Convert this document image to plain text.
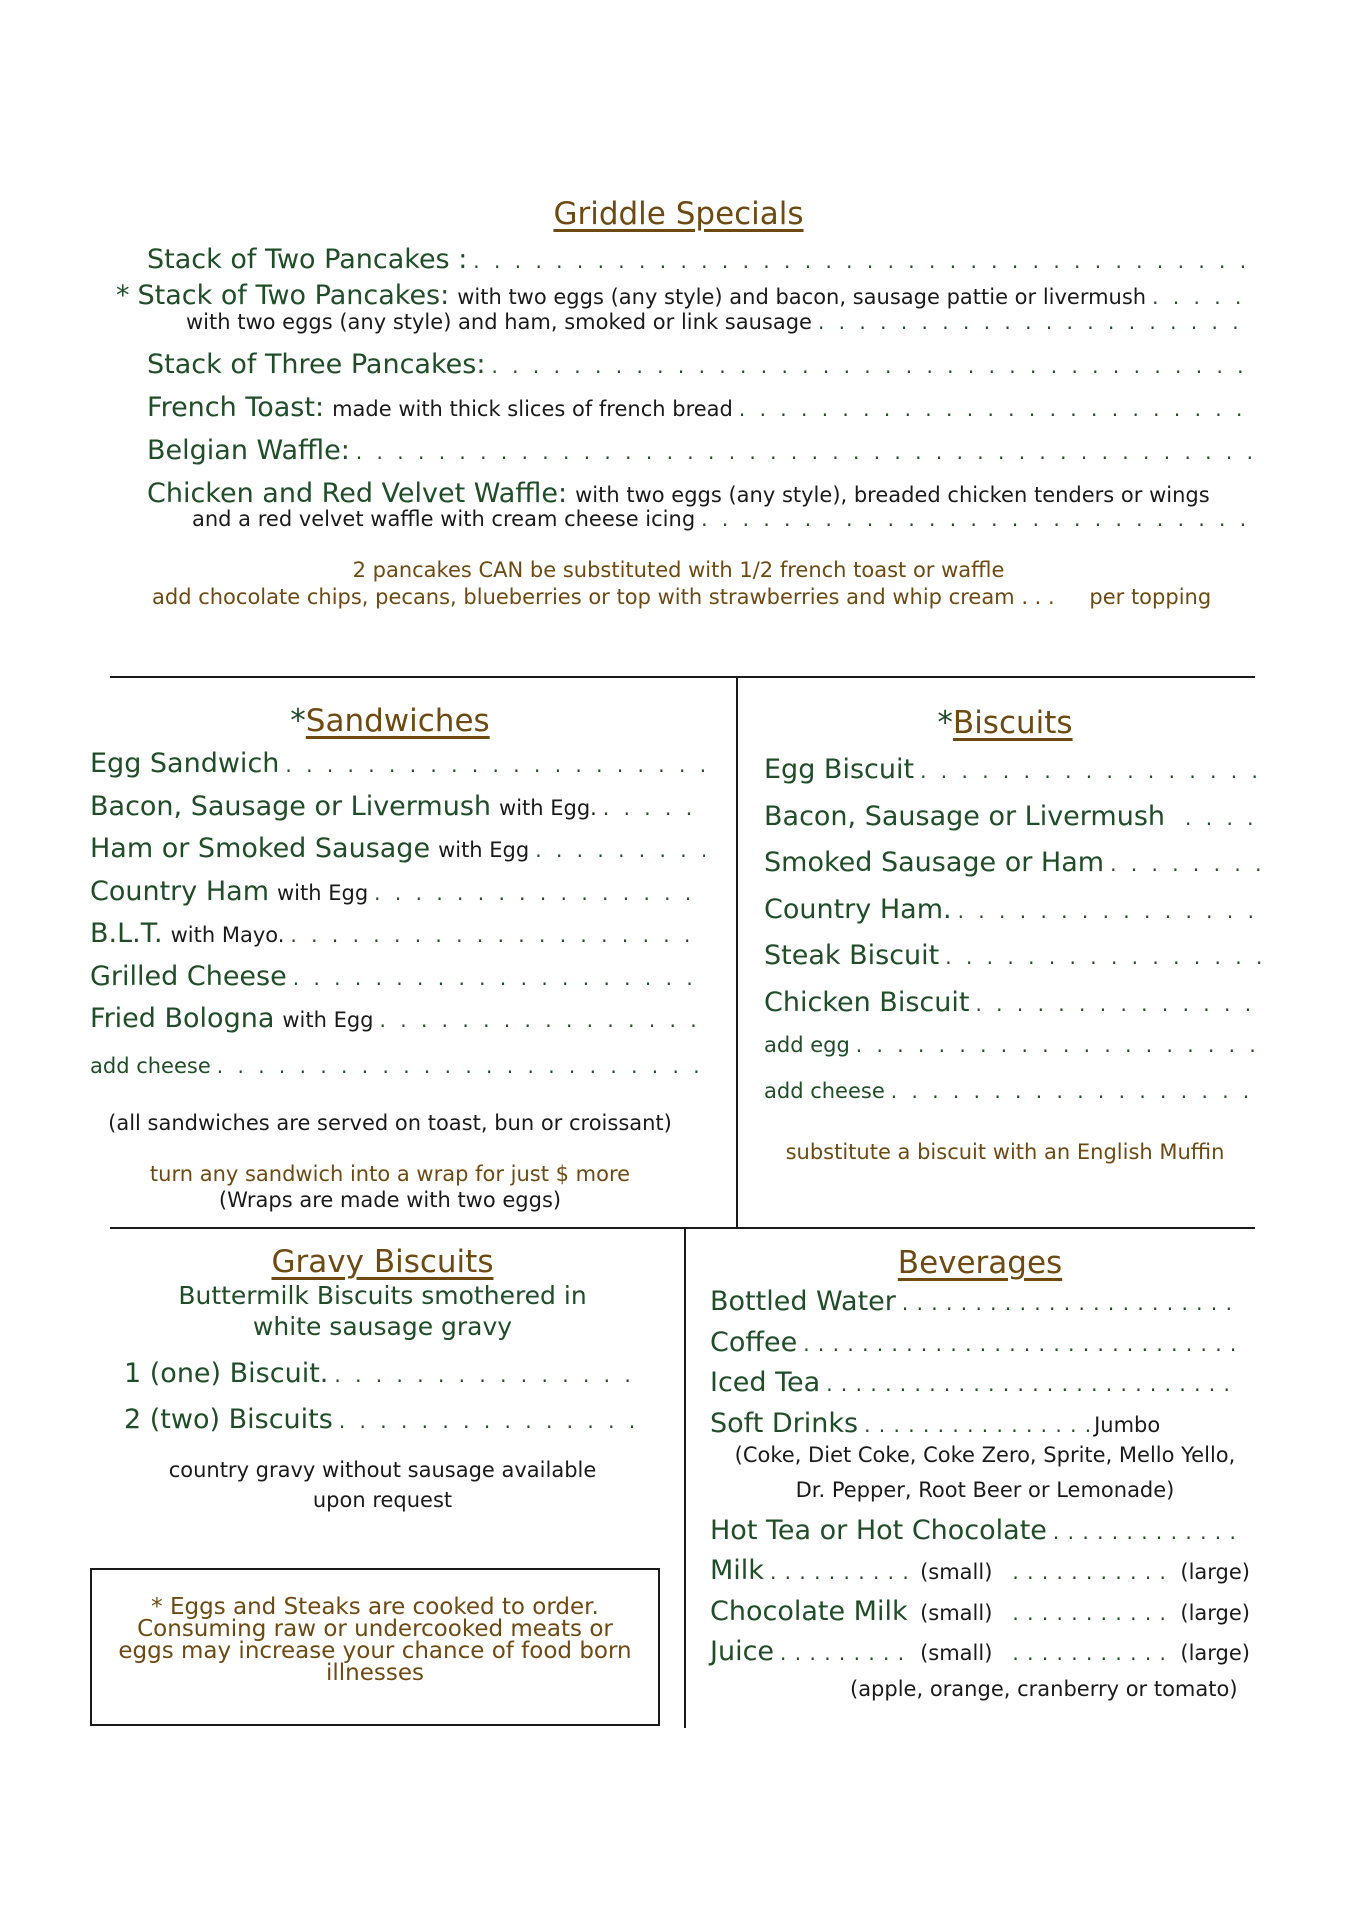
Griddle Specials
Stack of Two Pancakes :
. . .
* Stack of Two Pancakes: with two eggs (any style) and bacon, sausage pattie or livermush
. . .
with two eggs (any style) and ham, smoked or link sausage
. . .
Stack of Three Pancakes:
. . .
French Toast: made with thick slices of french bread
. . .
Belgian Waffle:
. . .
Chicken and Red Velvet Waffle: with two eggs (any style), breaded chicken tenders or wings
and a red velvet waffle with cream cheese icing
. . .
2 pancakes CAN be substituted with 1/2 french toast or waffle
add chocolate chips, pecans, blueberries or top with strawberries and whip cream . . . per topping
*Sandwiches
Egg Sandwich
. . .
Bacon, Sausage or Livermush with Egg.
. . .
Ham or Smoked Sausage with Egg
. . .
Country Ham with Egg
. . .
B.L.T. with Mayo.
. . .
Grilled Cheese
. . .
Fried Bologna with Egg
. . .
add cheese
. . .
(all sandwiches are served on toast, bun or croissant)
turn any sandwich into a wrap for just $ more
(Wraps are made with two eggs)
*Biscuits
Egg Biscuit
. . .
Bacon, Sausage or Livermush
. . .
Smoked Sausage or Ham
. . .
Country Ham.
. . .
Steak Biscuit
. . .
Chicken Biscuit
. . .
add egg
. . .
add cheese
. . .
substitute a biscuit with an English Muffin
Gravy Biscuits
Buttermilk Biscuits smothered in
white sausage gravy
1 (one) Biscuit.
. . .
2 (two) Biscuits
. . .
country gravy without sausage available
upon request
* Eggs and Steaks are cooked to order.
Consuming raw or undercooked meats or
eggs may increase your chance of food born
illnesses
Beverages
Bottled Water
. . .
Coffee
. . .
Iced Tea
. . .
Soft Drinks . . .	Jumbo
(Coke, Diet Coke, Coke Zero, Sprite, Mello Yello,
Dr. Pepper, Root Beer or Lemonade)
Hot Tea or Hot Chocolate
. . .
Milk . . .	(small) . . .	(large)
Chocolate Milk . . . (small) . . .	(large)
Juice . . .	(small) . . .	(large)
(apple, orange, cranberry or tomato)
